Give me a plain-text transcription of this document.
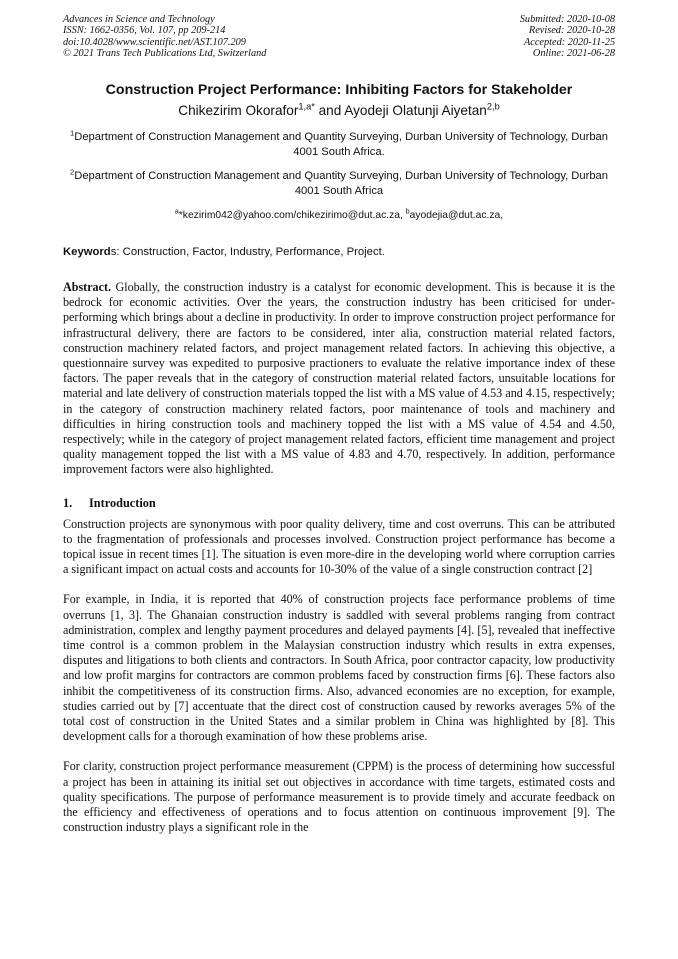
Advances in Science and Technology
ISSN: 1662-0356, Vol. 107, pp 209-214
doi:10.4028/www.scientific.net/AST.107.209
© 2021 Trans Tech Publications Ltd, Switzerland
Submitted: 2020-10-08
Revised: 2020-10-28
Accepted: 2020-11-25
Online: 2021-06-28
Construction Project Performance: Inhibiting Factors for Stakeholder
Chikezirim Okorafor$^{1,a*}$ and Ayodeji Olatunji Aiyetan$^{2,b}$
$^1$Department of Construction Management and Quantity Surveying, Durban University of Technology, Durban 4001 South Africa.
$^2$Department of Construction Management and Quantity Surveying, Durban University of Technology, Durban 4001 South Africa
$^a$*kezirim042@yahoo.com/chikezirimo@dut.ac.za, $^b$ayodejia@dut.ac.za,
Keywords: Construction, Factor, Industry, Performance, Project.
Abstract. Globally, the construction industry is a catalyst for economic development. This is because it is the bedrock for economic activities. Over the years, the construction industry has been criticised for under-performing which brings about a decline in productivity. In order to improve construction project performance for infrastructural delivery, there are factors to be considered, inter alia, construction material related factors, construction machinery related factors, and project management related factors. In achieving this objective, a questionnaire survey was expedited to purposive practioners to evaluate the relative importance index of these factors. The paper reveals that in the category of construction material related factors, unsuitable locations for material and late delivery of construction materials topped the list with a MS value of 4.53 and 4.15, respectively; in the category of construction machinery related factors, poor maintenance of tools and machinery and difficulties in hiring construction tools and machinery topped the list with a MS value of 4.54 and 4.50, respectively; while in the category of project management related factors, efficient time management and project quality management topped the list with a MS value of 4.83 and 4.70, respectively. In addition, performance improvement factors were also highlighted.
1. Introduction
Construction projects are synonymous with poor quality delivery, time and cost overruns. This can be attributed to the fragmentation of professionals and processes involved. Construction project performance has become a topical issue in recent times [1]. The situation is even more-dire in the developing world where corruption carries a significant impact on actual costs and accounts for 10-30% of the value of a single construction contract [2]
For example, in India, it is reported that 40% of construction projects face performance problems of time overruns [1, 3]. The Ghanaian construction industry is saddled with several problems ranging from contract administration, complex and lengthy payment procedures and delayed payments [4]. [5], revealed that ineffective time control is a common problem in the Malaysian construction industry which results in extra expenses, disputes and litigations to both clients and contractors. In South Africa, poor contractor capacity, low productivity and low profit margins for contractors are common problems faced by construction firms [6]. These factors also inhibit the competitiveness of its construction firms. Also, advanced economies are no exception, for example, studies carried out by [7] accentuate that the direct cost of construction caused by reworks averages 5% of the total cost of construction in the United States and a similar problem in China was highlighted by [8]. This development calls for a thorough examination of how these problems arise.
For clarity, construction project performance measurement (CPPM) is the process of determining how successful a project has been in attaining its initial set out objectives in accordance with time targets, estimated costs and quality specifications. The purpose of performance measurement is to provide timely and accurate feedback on the efficiency and effectiveness of operations and to focus attention on continuous improvement [9]. The construction industry plays a significant role in the
